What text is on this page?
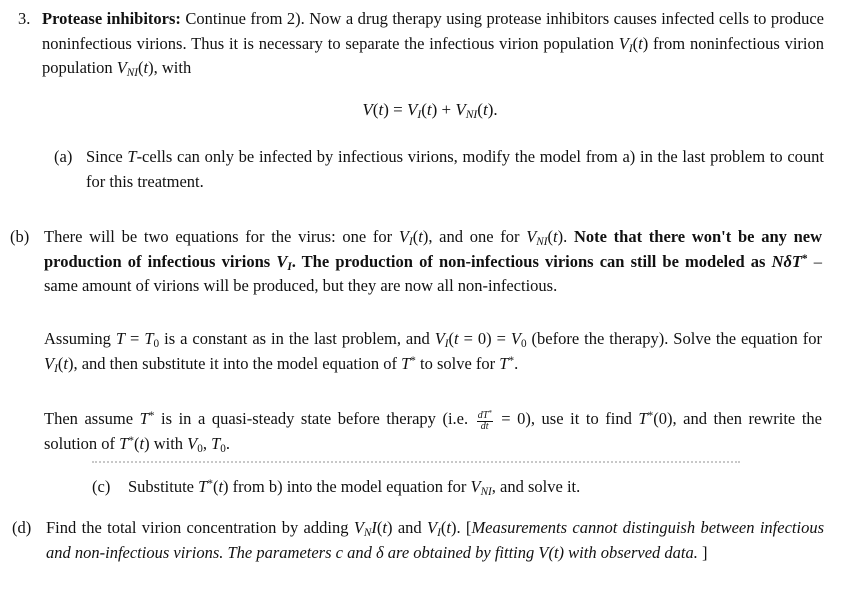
3. Protease inhibitors: Continue from 2). Now a drug therapy using protease inhibitors causes infected cells to produce noninfectious virions. Thus it is necessary to separate the infectious virion population $V_I(t)$ from noninfectious virion population $V_{NI}(t)$, with
$V(t) = V_I(t) + V_{NI}(t)$.
(a) Since T-cells can only be infected by infectious virions, modify the model from a) in the last problem to count for this treatment.
(b) There will be two equations for the virus: one for $V_I(t)$, and one for $V_{NI}(t)$. Note that there won't be any new production of infectious virions $V_I$. The production of non-infectious virions can still be modeled as NδT* – same amount of virions will be produced, but they are now all non-infectious.
Assuming $T = T_0$ is a constant as in the last problem, and $V_I(t = 0) = V_0$ (before the therapy). Solve the equation for $V_I(t)$, and then substitute it into the model equation of T* to solve for T*.
Then assume T* is in a quasi-steady state before therapy (i.e. $\frac{dT^*}{dt} = 0$), use it to find T*(0), and then rewrite the solution of T*(t) with $V_0$, $T_0$.
(c) Substitute T*(t) from b) into the model equation for $V_{NI}$, and solve it.
(d) Find the total virion concentration by adding $V_NI(t)$ and $V_I(t)$. [Measurements cannot distinguish between infectious and non-infectious virions. The parameters c and δ are obtained by fitting V(t) with observed data. ]
